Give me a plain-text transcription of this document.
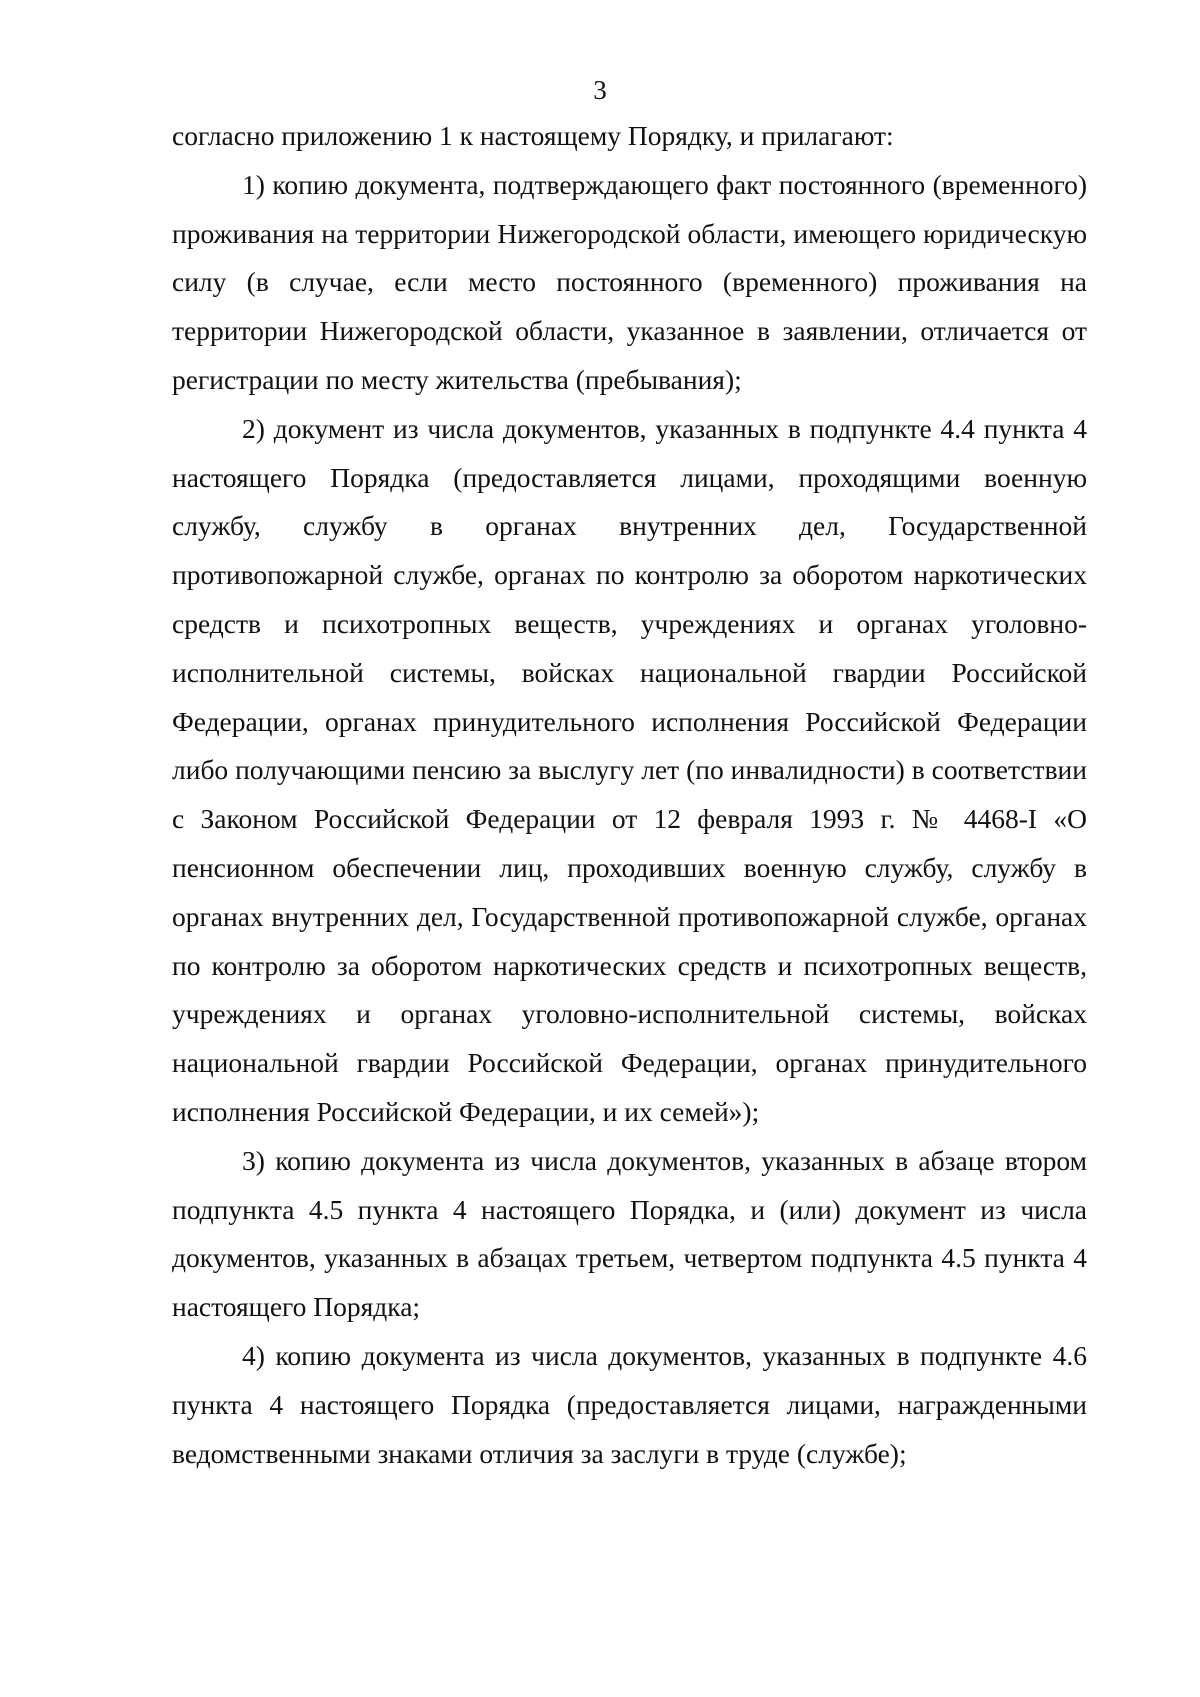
3

согласно приложению 1 к настоящему Порядку, и прилагают:

1) копию документа, подтверждающего факт постоянного (временного) проживания на территории Нижегородской области, имеющего юридическую силу (в случае, если место постоянного (временного) проживания на территории Нижегородской области, указанное в заявлении, отличается от регистрации по месту жительства (пребывания);

2) документ из числа документов, указанных в подпункте 4.4 пункта 4 настоящего Порядка (предоставляется лицами, проходящими военную службу, службу в органах внутренних дел, Государственной противопожарной службе, органах по контролю за оборотом наркотических средств и психотропных веществ, учреждениях и органах уголовно-исполнительной системы, войсках национальной гвардии Российской Федерации, органах принудительного исполнения Российской Федерации либо получающими пенсию за выслугу лет (по инвалидности) в соответствии с Законом Российской Федерации от 12 февраля 1993 г. № 4468-I «О пенсионном обеспечении лиц, проходивших военную службу, службу в органах внутренних дел, Государственной противопожарной службе, органах по контролю за оборотом наркотических средств и психотропных веществ, учреждениях и органах уголовно-исполнительной системы, войсках национальной гвардии Российской Федерации, органах принудительного исполнения Российской Федерации, и их семей»);

3) копию документа из числа документов, указанных в абзаце втором подпункта 4.5 пункта 4 настоящего Порядка, и (или) документ из числа документов, указанных в абзацах третьем, четвертом подпункта 4.5 пункта 4 настоящего Порядка;

4) копию документа из числа документов, указанных в подпункте 4.6 пункта 4 настоящего Порядка (предоставляется лицами, награжденными ведомственными знаками отличия за заслуги в труде (службе);
